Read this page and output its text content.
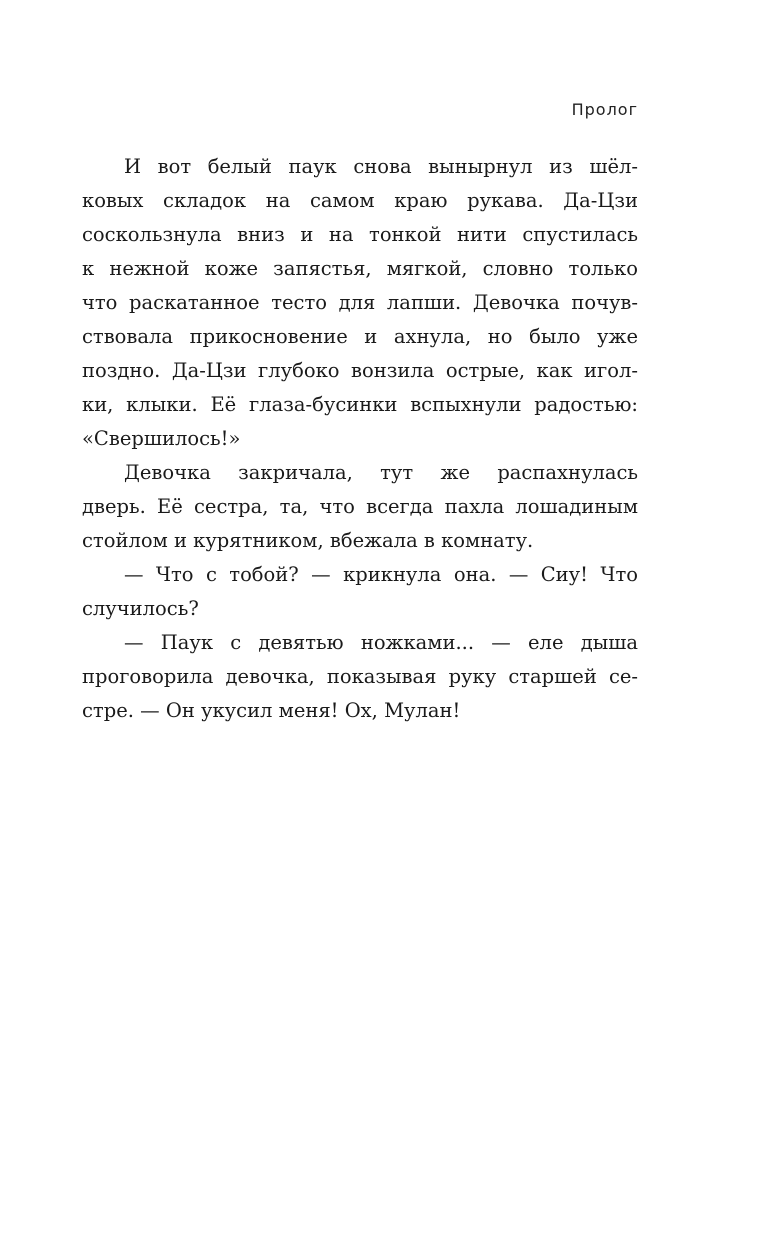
Пролог
И вот белый паук снова вынырнул из шёл-
ковых складок на самом краю рукава. Да-Цзи
соскользнула вниз и на тонкой нити спустилась
к нежной коже запястья, мягкой, словно только
что раскатанное тесто для лапши. Девочка почув-
ствовала прикосновение и ахнула, но было уже
поздно. Да-Цзи глубоко вонзила острые, как игол-
ки, клыки. Её глаза-бусинки вспыхнули радостью:
«Свершилось!»
Девочка закричала, тут же распахнулась
дверь. Её сестра, та, что всегда пахла лошадиным
стойлом и курятником, вбежала в комнату.
— Что с тобой? — крикнула она. — Сиу! Что
случилось?
— Паук с девятью ножками... — еле дыша
проговорила девочка, показывая руку старшей се-
стре. — Он укусил меня! Ох, Мулан!
